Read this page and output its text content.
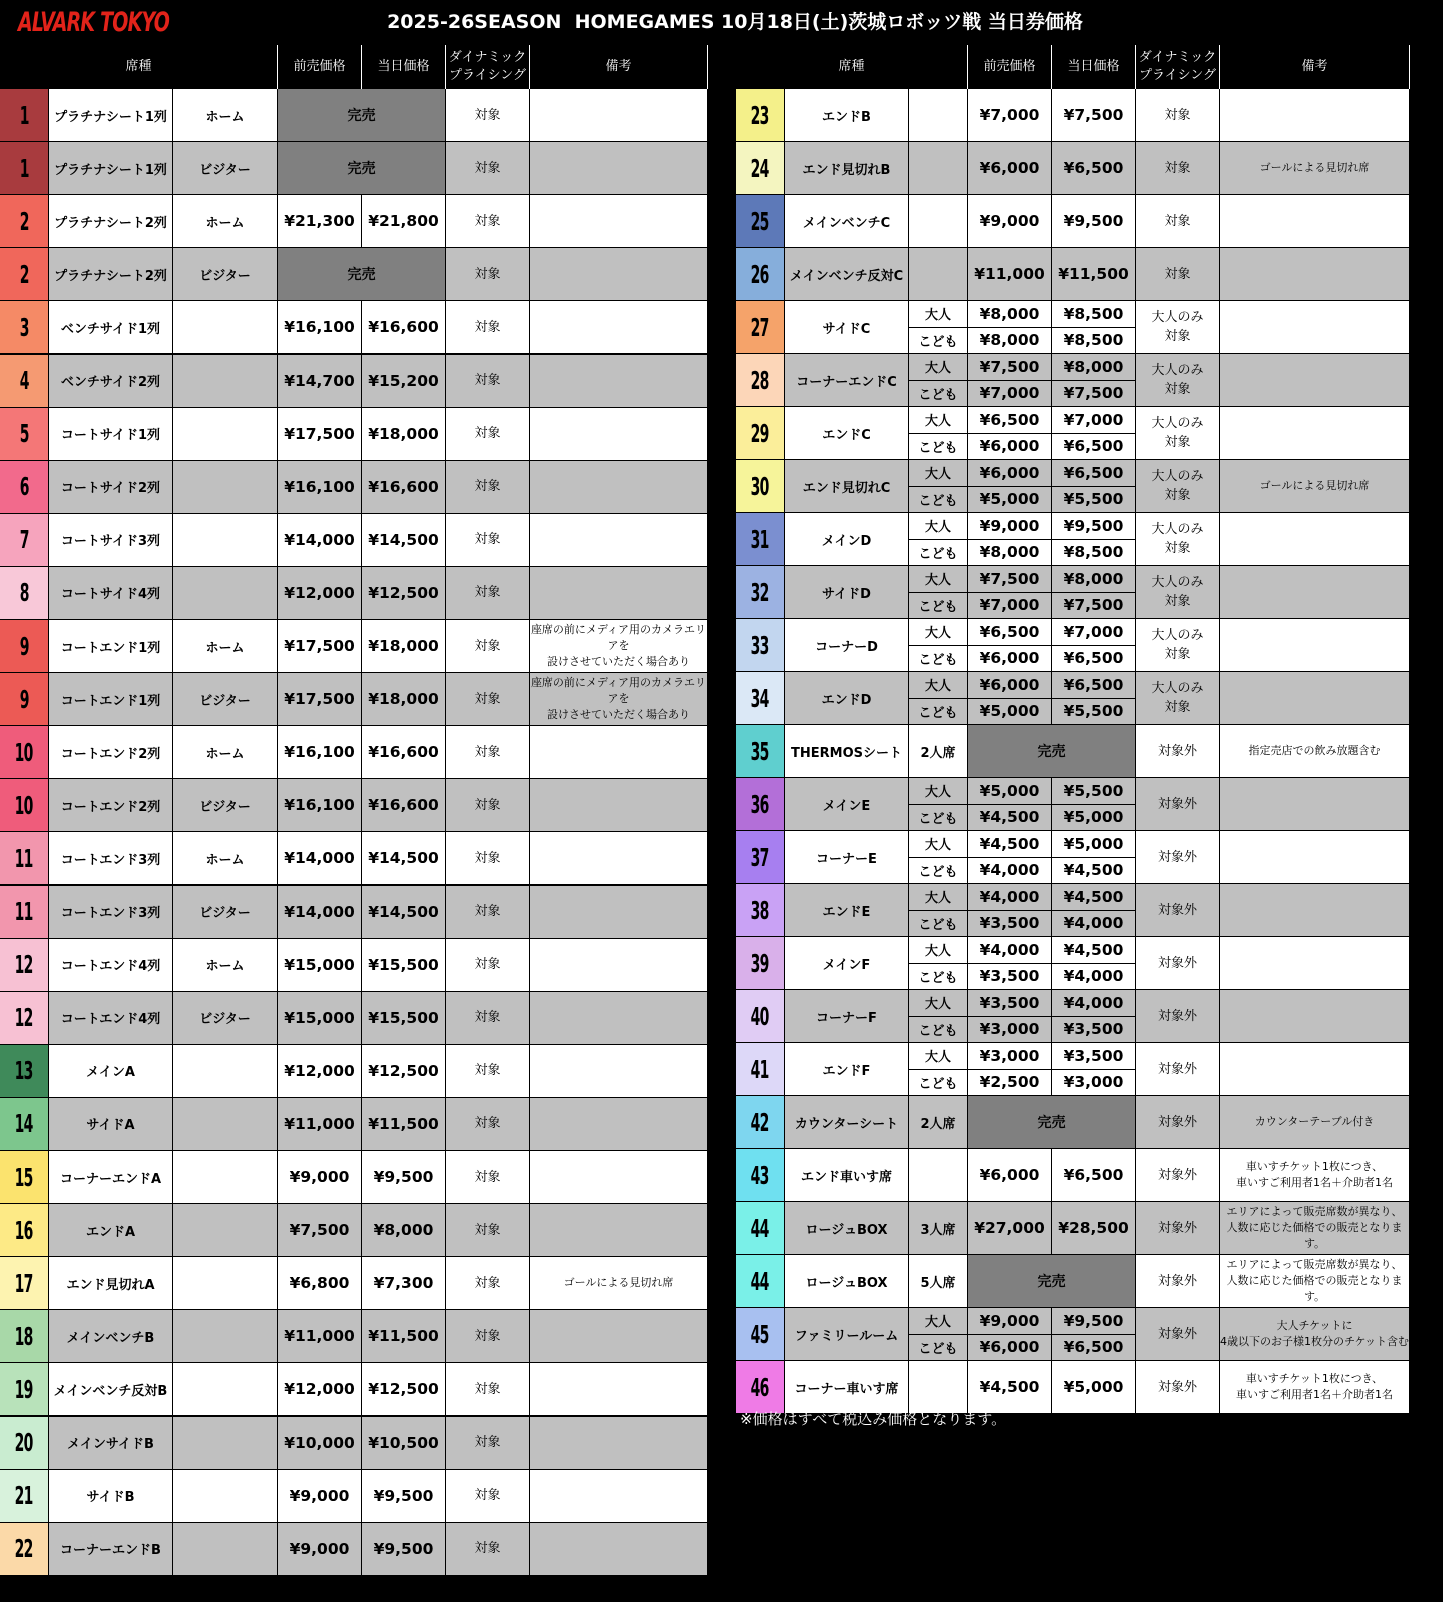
ALVARK TOKYO	2025-26SEASON  HOMEGAMES 10月18日(土)茨城ロボッツ戦 当日券価格
席種	前売価格	当日価格
ダイナミック
プライシング
備考
1	プラチナシート1列	ホーム	完売	対象
1	プラチナシート1列	ビジター	完売	対象
2	プラチナシート2列	ホーム	¥21,300 ¥21,800	対象
2	プラチナシート2列	ビジター	完売	対象
3	ベンチサイド1列	¥16,100 ¥16,600	対象
4	ベンチサイド2列	¥14,700 ¥15,200	対象
5	コートサイド1列	¥17,500 ¥18,000	対象
6	コートサイド2列	¥16,100 ¥16,600	対象
7	コートサイド3列	¥14,000 ¥14,500	対象
8	コートサイド4列	¥12,000 ¥12,500	対象
9	コートエンド1列	ホーム	¥17,500 ¥18,000	対象
座席の前にメディア用のカメラエリアを
設けさせていただく場合あり
9	コートエンド1列	ビジター	¥17,500 ¥18,000	対象
座席の前にメディア用のカメラエリアを
設けさせていただく場合あり
10	コートエンド2列	ホーム	¥16,100 ¥16,600	対象
10	コートエンド2列	ビジター	¥16,100 ¥16,600	対象
11	コートエンド3列	ホーム	¥14,000 ¥14,500	対象
11	コートエンド3列	ビジター	¥14,000 ¥14,500	対象
12	コートエンド4列	ホーム	¥15,000 ¥15,500	対象
12	コートエンド4列	ビジター	¥15,000 ¥15,500	対象
13	メインA	¥12,000 ¥12,500	対象
14	サイドA	¥11,000 ¥11,500	対象
15	コーナーエンドA	¥9,000	¥9,500	対象
16	エンドA	¥7,500	¥8,000	対象
17	エンド見切れA	¥6,800	¥7,300	対象	ゴールによる見切れ席
18	メインベンチB	¥11,000 ¥11,500	対象
19	メインベンチ反対B	¥12,000 ¥12,500	対象
20	メインサイドB	¥10,000 ¥10,500	対象
21	サイドB	¥9,000	¥9,500	対象
22	コーナーエンドB	¥9,000	¥9,500	対象
席種	前売価格	当日価格
ダイナミック
プライシング
備考
23	エンドB	¥7,000	¥7,500	対象
24	エンド見切れB	¥6,000	¥6,500	対象	ゴールによる見切れ席
25	メインベンチC	¥9,000	¥9,500	対象
26	メインベンチ反対C	¥11,000 ¥11,500	対象
27	サイドC
大人	¥8,000	¥8,500
こども	¥8,000	¥8,500
大人のみ
対象
28	コーナーエンドC
大人	¥7,500	¥8,000
こども	¥7,000	¥7,500
大人のみ
対象
29	エンドC
大人	¥6,500	¥7,000
こども	¥6,000	¥6,500
大人のみ
対象
30	エンド見切れC
大人	¥6,000	¥6,500
こども	¥5,000	¥5,500
大人のみ
対象
ゴールによる見切れ席
31	メインD
大人	¥9,000	¥9,500
こども	¥8,000	¥8,500
大人のみ
対象
32	サイドD
大人	¥7,500	¥8,000
こども	¥7,000	¥7,500
大人のみ
対象
33	コーナーD
大人	¥6,500	¥7,000
こども	¥6,000	¥6,500
大人のみ
対象
34	エンドD
大人	¥6,000	¥6,500
こども	¥5,000	¥5,500
大人のみ
対象
35	THERMOSシート	2人席	完売	対象外	指定売店での飲み放題含む
36	メインE
大人	¥5,000	¥5,500
こども	¥4,500	¥5,000
対象外
37	コーナーE
大人	¥4,500	¥5,000
こども	¥4,000	¥4,500
対象外
38	エンドE
大人	¥4,000	¥4,500
こども	¥3,500	¥4,000
対象外
39	メインF
大人	¥4,000	¥4,500
こども	¥3,500	¥4,000
対象外
40	コーナーF
大人	¥3,500	¥4,000
こども	¥3,000	¥3,500
対象外
41	エンドF
大人	¥3,000	¥3,500
こども	¥2,500	¥3,000
対象外
42	カウンターシート	2人席	完売	対象外	カウンターテーブル付き
43	エンド車いす席	¥6,000	¥6,500	対象外
車いすチケット1枚につき、
車いすご利用者1名＋介助者1名
44	ロージュBOX	3人席	¥27,000 ¥28,500	対象外
エリアによって販売席数が異なり、
人数に応じた価格での販売となります。
44	ロージュBOX	5人席	完売	対象外
エリアによって販売席数が異なり、
人数に応じた価格での販売となります。
45	ファミリールーム
大人	¥9,000	¥9,500
こども	¥6,000	¥6,500
対象外
大人チケットに
4歳以下のお子様1枚分のチケット含む
46	コーナー車いす席	¥4,500	¥5,000	対象外
車いすチケット1枚につき、
車いすご利用者1名＋介助者1名
※価格はすべて税込み価格となります。
